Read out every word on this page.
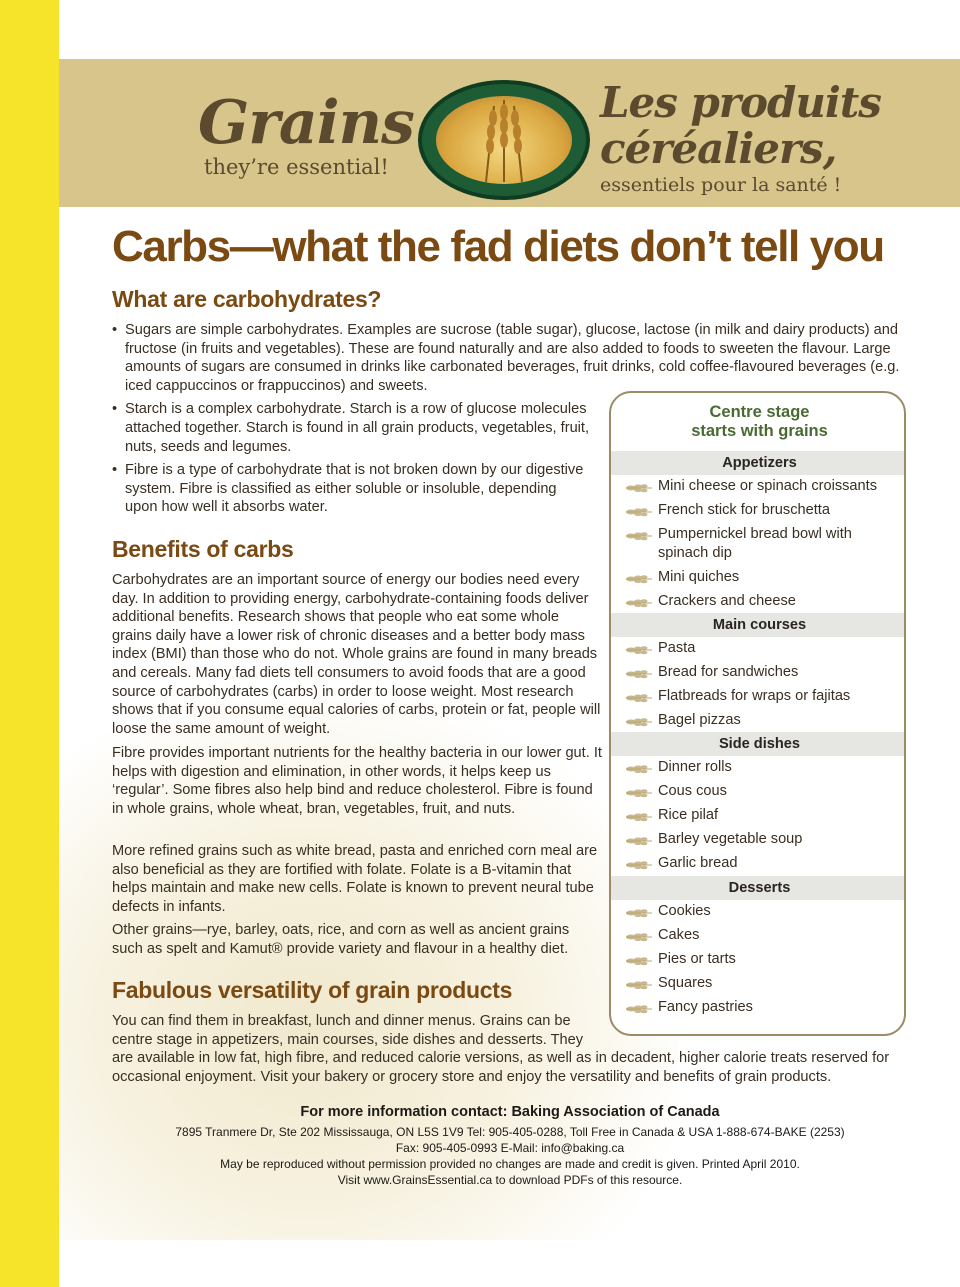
Grains
they’re essential!
Les produits
céréaliers,
essentiels pour la santé !
Carbs—what the fad diets don’t tell you
What are carbohydrates?
• Sugars are simple carbohydrates. Examples are sucrose (table sugar), glucose, lactose (in milk and dairy products) and fructose (in fruits and vegetables). These are found naturally and are also added to foods to sweeten the flavour. Large amounts of sugars are consumed in drinks like carbonated beverages, fruit drinks, cold coffee-flavoured beverages (e.g. iced cappuccinos or frappuccinos) and sweets.
• Starch is a complex carbohydrate. Starch is a row of glucose molecules attached together. Starch is found in all grain products, vegetables, fruit, nuts, seeds and legumes.
• Fibre is a type of carbohydrate that is not broken down by our digestive system. Fibre is classified as either soluble or insoluble, depending upon how well it absorbs water.
Benefits of carbs

Carbohydrates are an important source of energy our bodies need every day. In addition to providing energy, carbohydrate-containing foods deliver additional benefits. Research shows that people who eat some whole grains daily have a lower risk of chronic diseases and a better body mass index (BMI) than those who do not. Whole grains are found in many breads and cereals. Many fad diets tell consumers to avoid foods that are a good source of carbohydrates (carbs) in order to loose weight. Most research shows that if you consume equal calories of carbs, protein or fat, people will loose the same amount of weight.

Fibre provides important nutrients for the healthy bacteria in our lower gut. It helps with digestion and elimination, in other words, it helps keep us ‘regular’. Some fibres also help bind and reduce cholesterol. Fibre is found in whole grains, whole wheat, bran, vegetables, fruit, and nuts.

More refined grains such as white bread, pasta and enriched corn meal are also beneficial as they are fortified with folate. Folate is a B-vitamin that helps maintain and make new cells. Folate is known to prevent neural tube defects in infants.

Other grains—rye, barley, oats, rice, and corn as well as ancient grains such as spelt and Kamut® provide variety and flavour in a healthy diet.

Fabulous versatility of grain products
You can find them in breakfast, lunch and dinner menus. Grains can be
centre stage in appetizers, main courses, side dishes and desserts. They
are available in low fat, high fibre, and reduced calorie versions, as well as in decadent, higher calorie treats reserved for occasional enjoyment. Visit your bakery or grocery store and enjoy the versatility and benefits of grain products.
Centre stage
starts with grains
Appetizers
Mini cheese or spinach croissants
French stick for bruschetta
Pumpernickel bread bowl with spinach dip
Mini quiches
Crackers and cheese
Main courses
Pasta
Bread for sandwiches
Flatbreads for wraps or fajitas
Bagel pizzas
Side dishes
Dinner rolls
Cous cous
Rice pilaf
Barley vegetable soup
Garlic bread
Desserts
Cookies
Cakes
Pies or tarts
Squares
Fancy pastries
For more information contact: Baking Association of Canada
7895 Tranmere Dr, Ste 202 Mississauga, ON L5S 1V9 Tel: 905-405-0288, Toll Free in Canada & USA 1-888-674-BAKE (2253)
Fax: 905-405-0993 E-Mail: info@baking.ca
May be reproduced without permission provided no changes are made and credit is given. Printed April 2010.
Visit www.GrainsEssential.ca to download PDFs of this resource.
